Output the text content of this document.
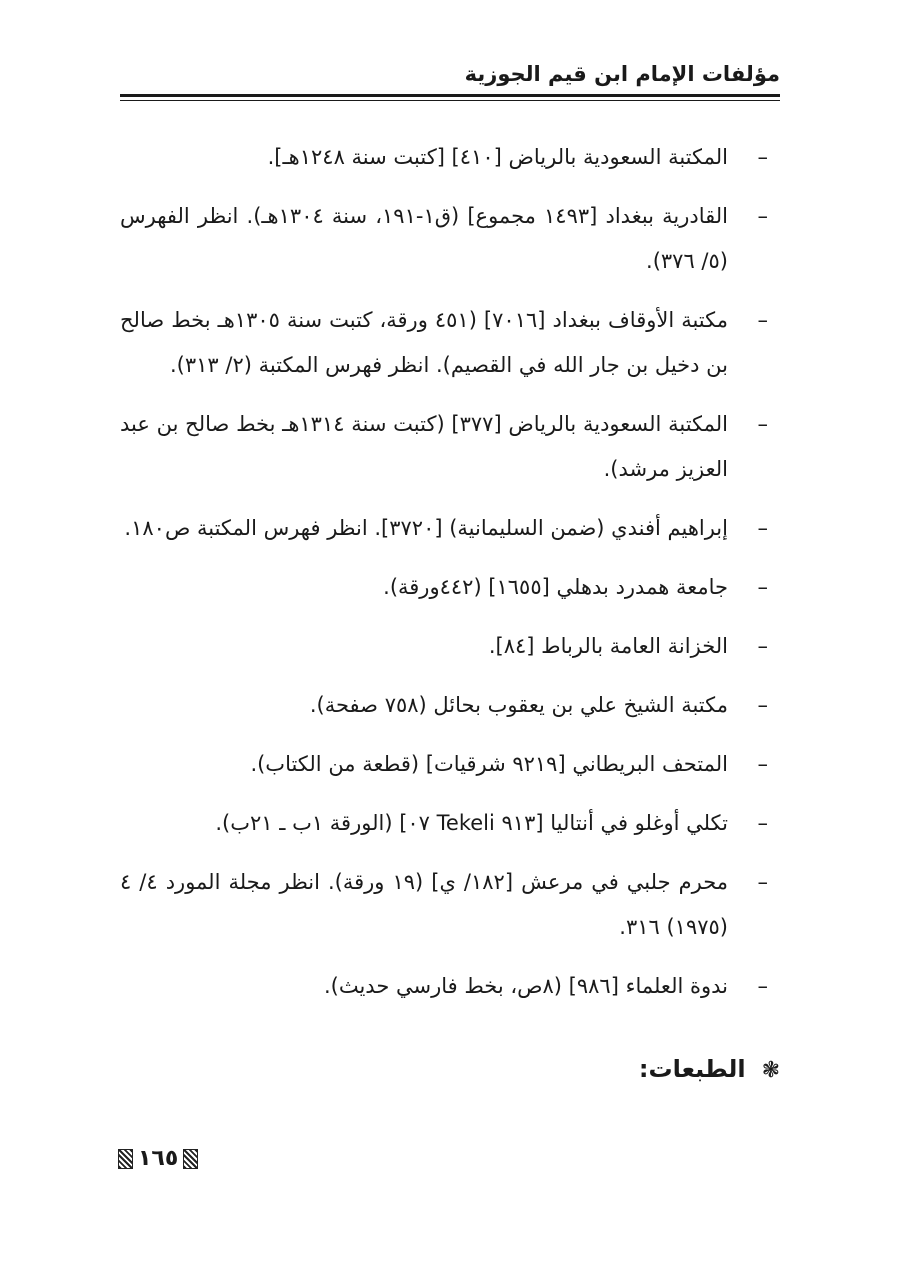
مؤلفات الإمام ابن قيم الجوزية
–
المكتبة السعودية بالرياض [٤١٠] [كتبت سنة ١٢٤٨هـ].
–
القادرية ببغداد [١٤٩٣ مجموع] (ق١-١٩١، سنة ١٣٠٤هـ). انظر الفهرس (٥/ ٣٧٦).
–
مكتبة الأوقاف ببغداد [٧٠١٦] (٤٥١ ورقة، كتبت سنة ١٣٠٥هـ بخط صالح بن دخيل بن جار الله في القصيم). انظر فهرس المكتبة (٢/ ٣١٣).
–
المكتبة السعودية بالرياض [٣٧٧] (كتبت سنة ١٣١٤هـ بخط صالح بن عبد العزيز مرشد).
–
إبراهيم أفندي (ضمن السليمانية) [٣٧٢٠]. انظر فهرس المكتبة ص١٨٠.
–
جامعة همدرد بدهلي [١٦٥٥] (٤٤٢ورقة).
–
الخزانة العامة بالرباط [٨٤].
–
مكتبة الشيخ علي بن يعقوب بحائل (٧٥٨ صفحة).
–
المتحف البريطاني [٩٢١٩ شرقيات] (قطعة من الكتاب).
–
تكلي أوغلو في أنتاليا [٩١٣ Tekeli ٠٧] (الورقة ١ب ـ ٢١ب).
–
محرم جلبي في مرعش [١٨٢/ ي] (١٩ ورقة). انظر مجلة المورد ٤/ ٤ (١٩٧٥) ٣١٦.
–
ندوة العلماء [٩٨٦] (٨ص، بخط فارسي حديث).
❃الطبعات:
١٦٥
